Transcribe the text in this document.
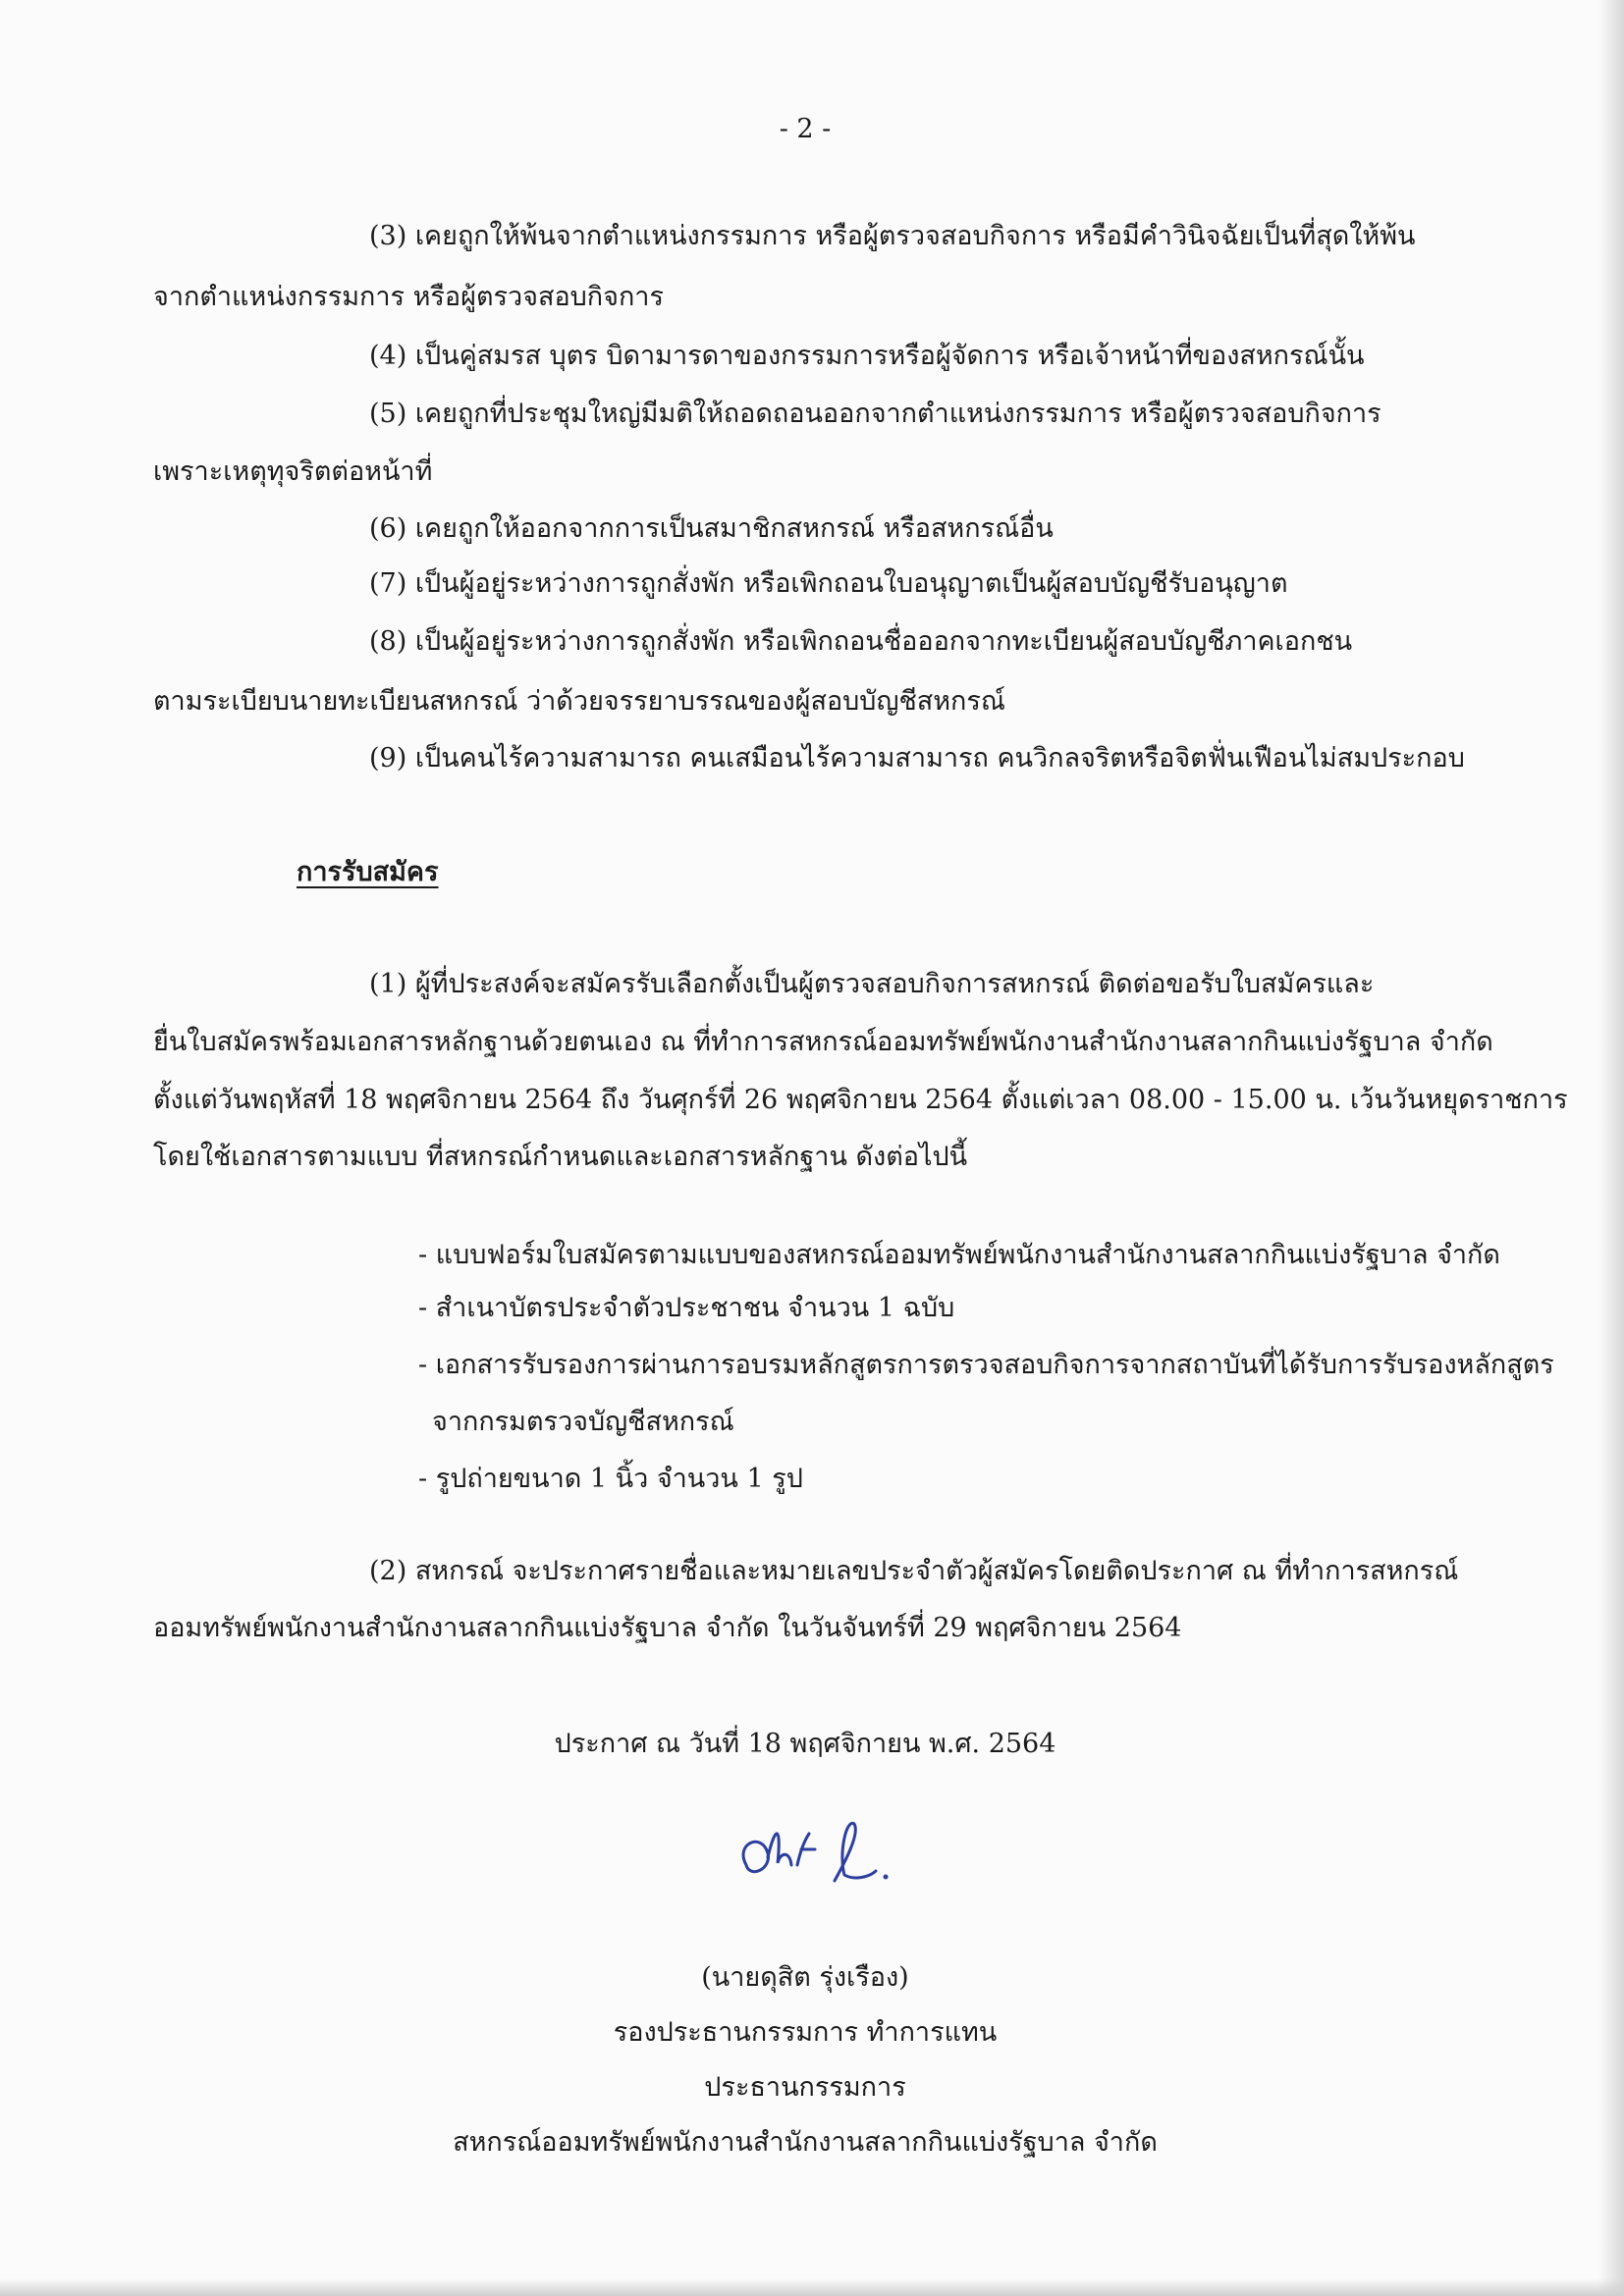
- 2 -
(3) เคยถูกให้พ้นจากตำแหน่งกรรมการ หรือผู้ตรวจสอบกิจการ หรือมีคำวินิจฉัยเป็นที่สุดให้พ้น
จากตำแหน่งกรรมการ หรือผู้ตรวจสอบกิจการ
(4) เป็นคู่สมรส บุตร บิดามารดาของกรรมการหรือผู้จัดการ หรือเจ้าหน้าที่ของสหกรณ์นั้น
(5) เคยถูกที่ประชุมใหญ่มีมติให้ถอดถอนออกจากตำแหน่งกรรมการ หรือผู้ตรวจสอบกิจการ
เพราะเหตุทุจริตต่อหน้าที่
(6) เคยถูกให้ออกจากการเป็นสมาชิกสหกรณ์ หรือสหกรณ์อื่น
(7) เป็นผู้อยู่ระหว่างการถูกสั่งพัก หรือเพิกถอนใบอนุญาตเป็นผู้สอบบัญชีรับอนุญาต
(8) เป็นผู้อยู่ระหว่างการถูกสั่งพัก หรือเพิกถอนชื่อออกจากทะเบียนผู้สอบบัญชีภาคเอกชน
ตามระเบียบนายทะเบียนสหกรณ์ ว่าด้วยจรรยาบรรณของผู้สอบบัญชีสหกรณ์
(9) เป็นคนไร้ความสามารถ คนเสมือนไร้ความสามารถ คนวิกลจริตหรือจิตฟั่นเฟือนไม่สมประกอบ
การรับสมัคร
(1) ผู้ที่ประสงค์จะสมัครรับเลือกตั้งเป็นผู้ตรวจสอบกิจการสหกรณ์ ติดต่อขอรับใบสมัครและ
ยื่นใบสมัครพร้อมเอกสารหลักฐานด้วยตนเอง ณ ที่ทำการสหกรณ์ออมทรัพย์พนักงานสำนักงานสลากกินแบ่งรัฐบาล จำกัด
ตั้งแต่วันพฤหัสที่ 18 พฤศจิกายน 2564 ถึง วันศุกร์ที่ 26 พฤศจิกายน 2564 ตั้งแต่เวลา 08.00 - 15.00 น. เว้นวันหยุดราชการ
โดยใช้เอกสารตามแบบ ที่สหกรณ์กำหนดและเอกสารหลักฐาน ดังต่อไปนี้
- แบบฟอร์มใบสมัครตามแบบของสหกรณ์ออมทรัพย์พนักงานสำนักงานสลากกินแบ่งรัฐบาล จำกัด
- สำเนาบัตรประจำตัวประชาชน จำนวน 1 ฉบับ
- เอกสารรับรองการผ่านการอบรมหลักสูตรการตรวจสอบกิจการจากสถาบันที่ได้รับการรับรองหลักสูตร
จากกรมตรวจบัญชีสหกรณ์
- รูปถ่ายขนาด 1 นิ้ว จำนวน 1 รูป
(2) สหกรณ์ จะประกาศรายชื่อและหมายเลขประจำตัวผู้สมัครโดยติดประกาศ ณ ที่ทำการสหกรณ์
ออมทรัพย์พนักงานสำนักงานสลากกินแบ่งรัฐบาล จำกัด ในวันจันทร์ที่ 29 พฤศจิกายน 2564
ประกาศ ณ วันที่ 18 พฤศจิกายน พ.ศ. 2564
(นายดุสิต รุ่งเรือง)
รองประธานกรรมการ ทำการแทน
ประธานกรรมการ
สหกรณ์ออมทรัพย์พนักงานสำนักงานสลากกินแบ่งรัฐบาล จำกัด
